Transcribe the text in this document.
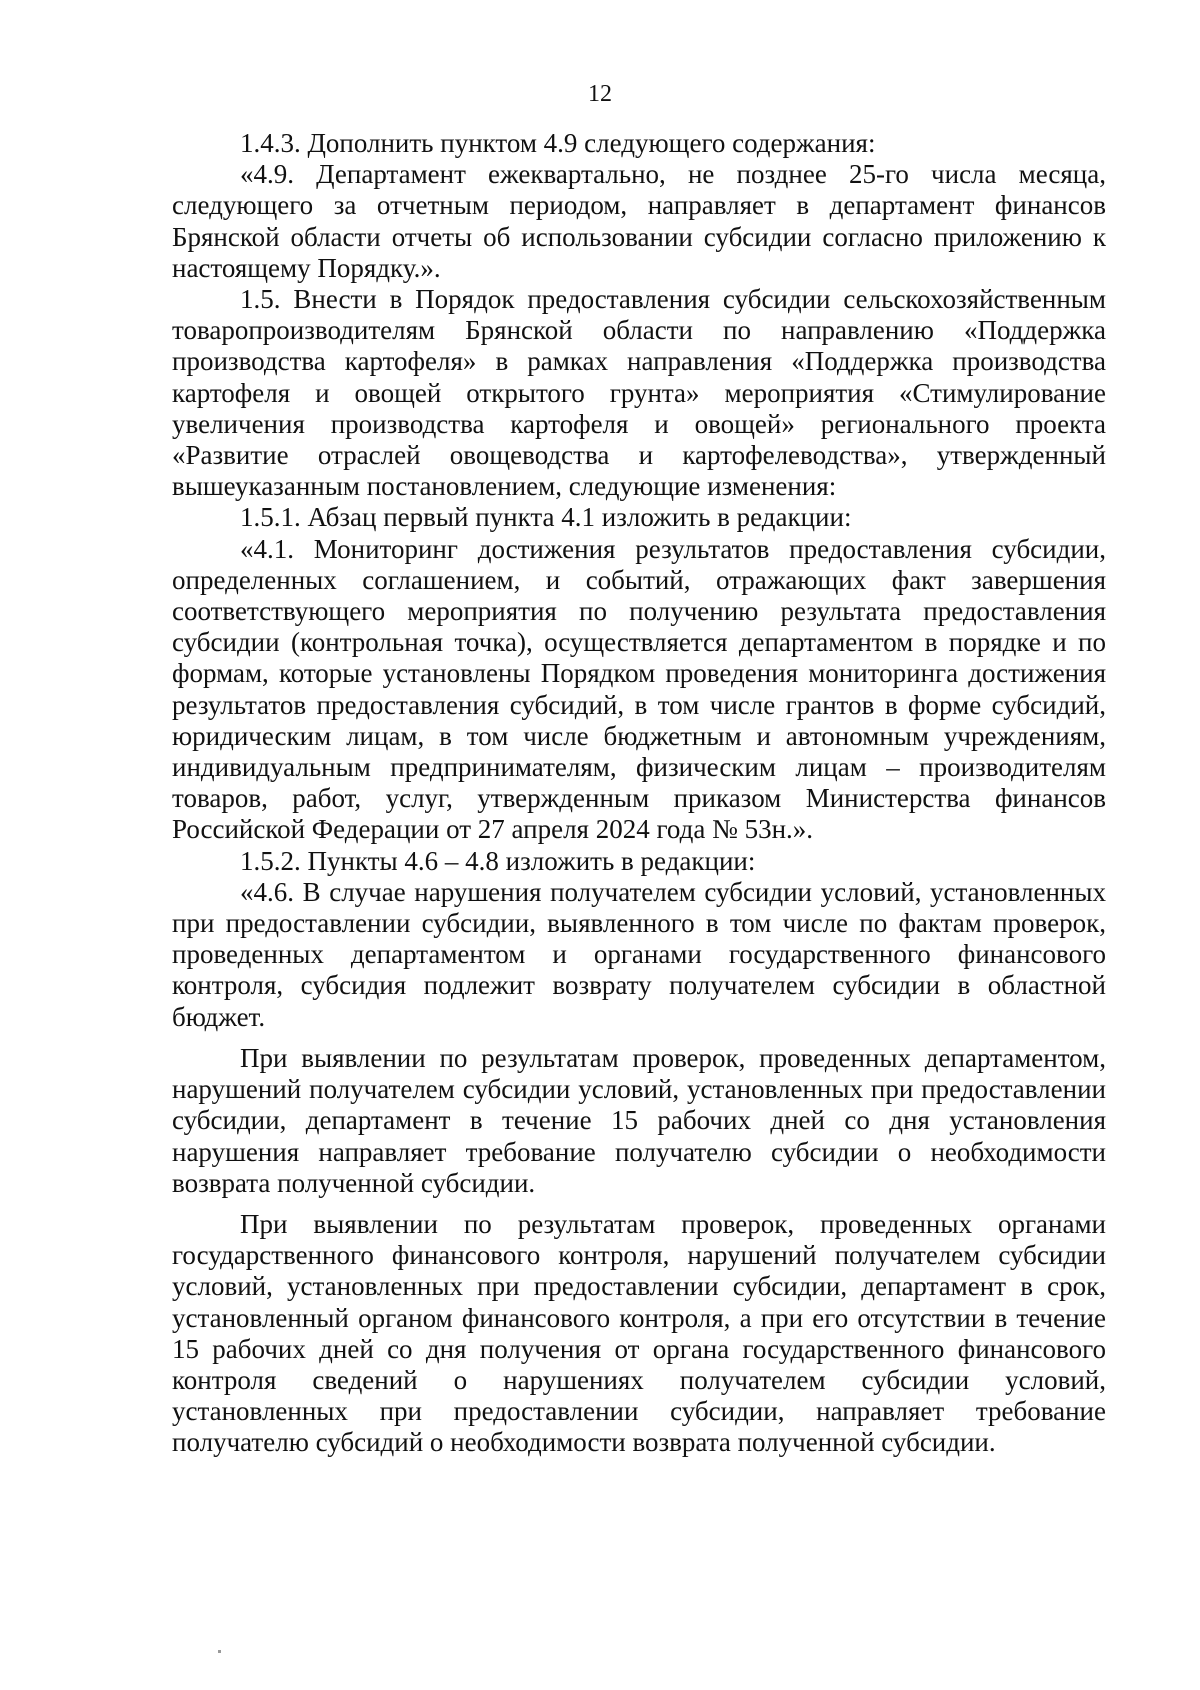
12

1.4.3. Дополнить пунктом 4.9 следующего содержания:

«4.9. Департамент ежеквартально, не позднее 25-го числа месяца, следующего за отчетным периодом, направляет в департамент финансов Брянской области отчеты об использовании субсидии согласно приложению к настоящему Порядку.».

1.5. Внести в Порядок предоставления субсидии сельскохозяйственным товаропроизводителям Брянской области по направлению «Поддержка производства картофеля» в рамках направления «Поддержка производства картофеля и овощей открытого грунта» мероприятия «Стимулирование увеличения производства картофеля и овощей» регионального проекта «Развитие отраслей овощеводства и картофелеводства», утвержденный вышеуказанным постановлением, следующие изменения:

1.5.1. Абзац первый пункта 4.1 изложить в редакции:

«4.1. Мониторинг достижения результатов предоставления субсидии, определенных соглашением, и событий, отражающих факт завершения соответствующего мероприятия по получению результата предоставления субсидии (контрольная точка), осуществляется департаментом в порядке и по формам, которые установлены Порядком проведения мониторинга достижения результатов предоставления субсидий, в том числе грантов в форме субсидий, юридическим лицам, в том числе бюджетным и автономным учреждениям, индивидуальным предпринимателям, физическим лицам – производителям товаров, работ, услуг, утвержденным приказом Министерства финансов Российской Федерации от 27 апреля 2024 года № 53н.».

1.5.2. Пункты 4.6 – 4.8 изложить в редакции:

«4.6. В случае нарушения получателем субсидии условий, установленных при предоставлении субсидии, выявленного в том числе по фактам проверок, проведенных департаментом и органами государственного финансового контроля, субсидия подлежит возврату получателем субсидии в областной бюджет.

При выявлении по результатам проверок, проведенных департаментом, нарушений получателем субсидии условий, установленных при предоставлении субсидии, департамент в течение 15 рабочих дней со дня установления нарушения направляет требование получателю субсидии о необходимости возврата полученной субсидии.

При выявлении по результатам проверок, проведенных органами государственного финансового контроля, нарушений получателем субсидии условий, установленных при предоставлении субсидии, департамент в срок, установленный органом финансового контроля, а при его отсутствии в течение 15 рабочих дней со дня получения от органа государственного финансового контроля сведений о нарушениях получателем субсидии условий, установленных при предоставлении субсидии, направляет требование получателю субсидий о необходимости возврата полученной субсидии.
